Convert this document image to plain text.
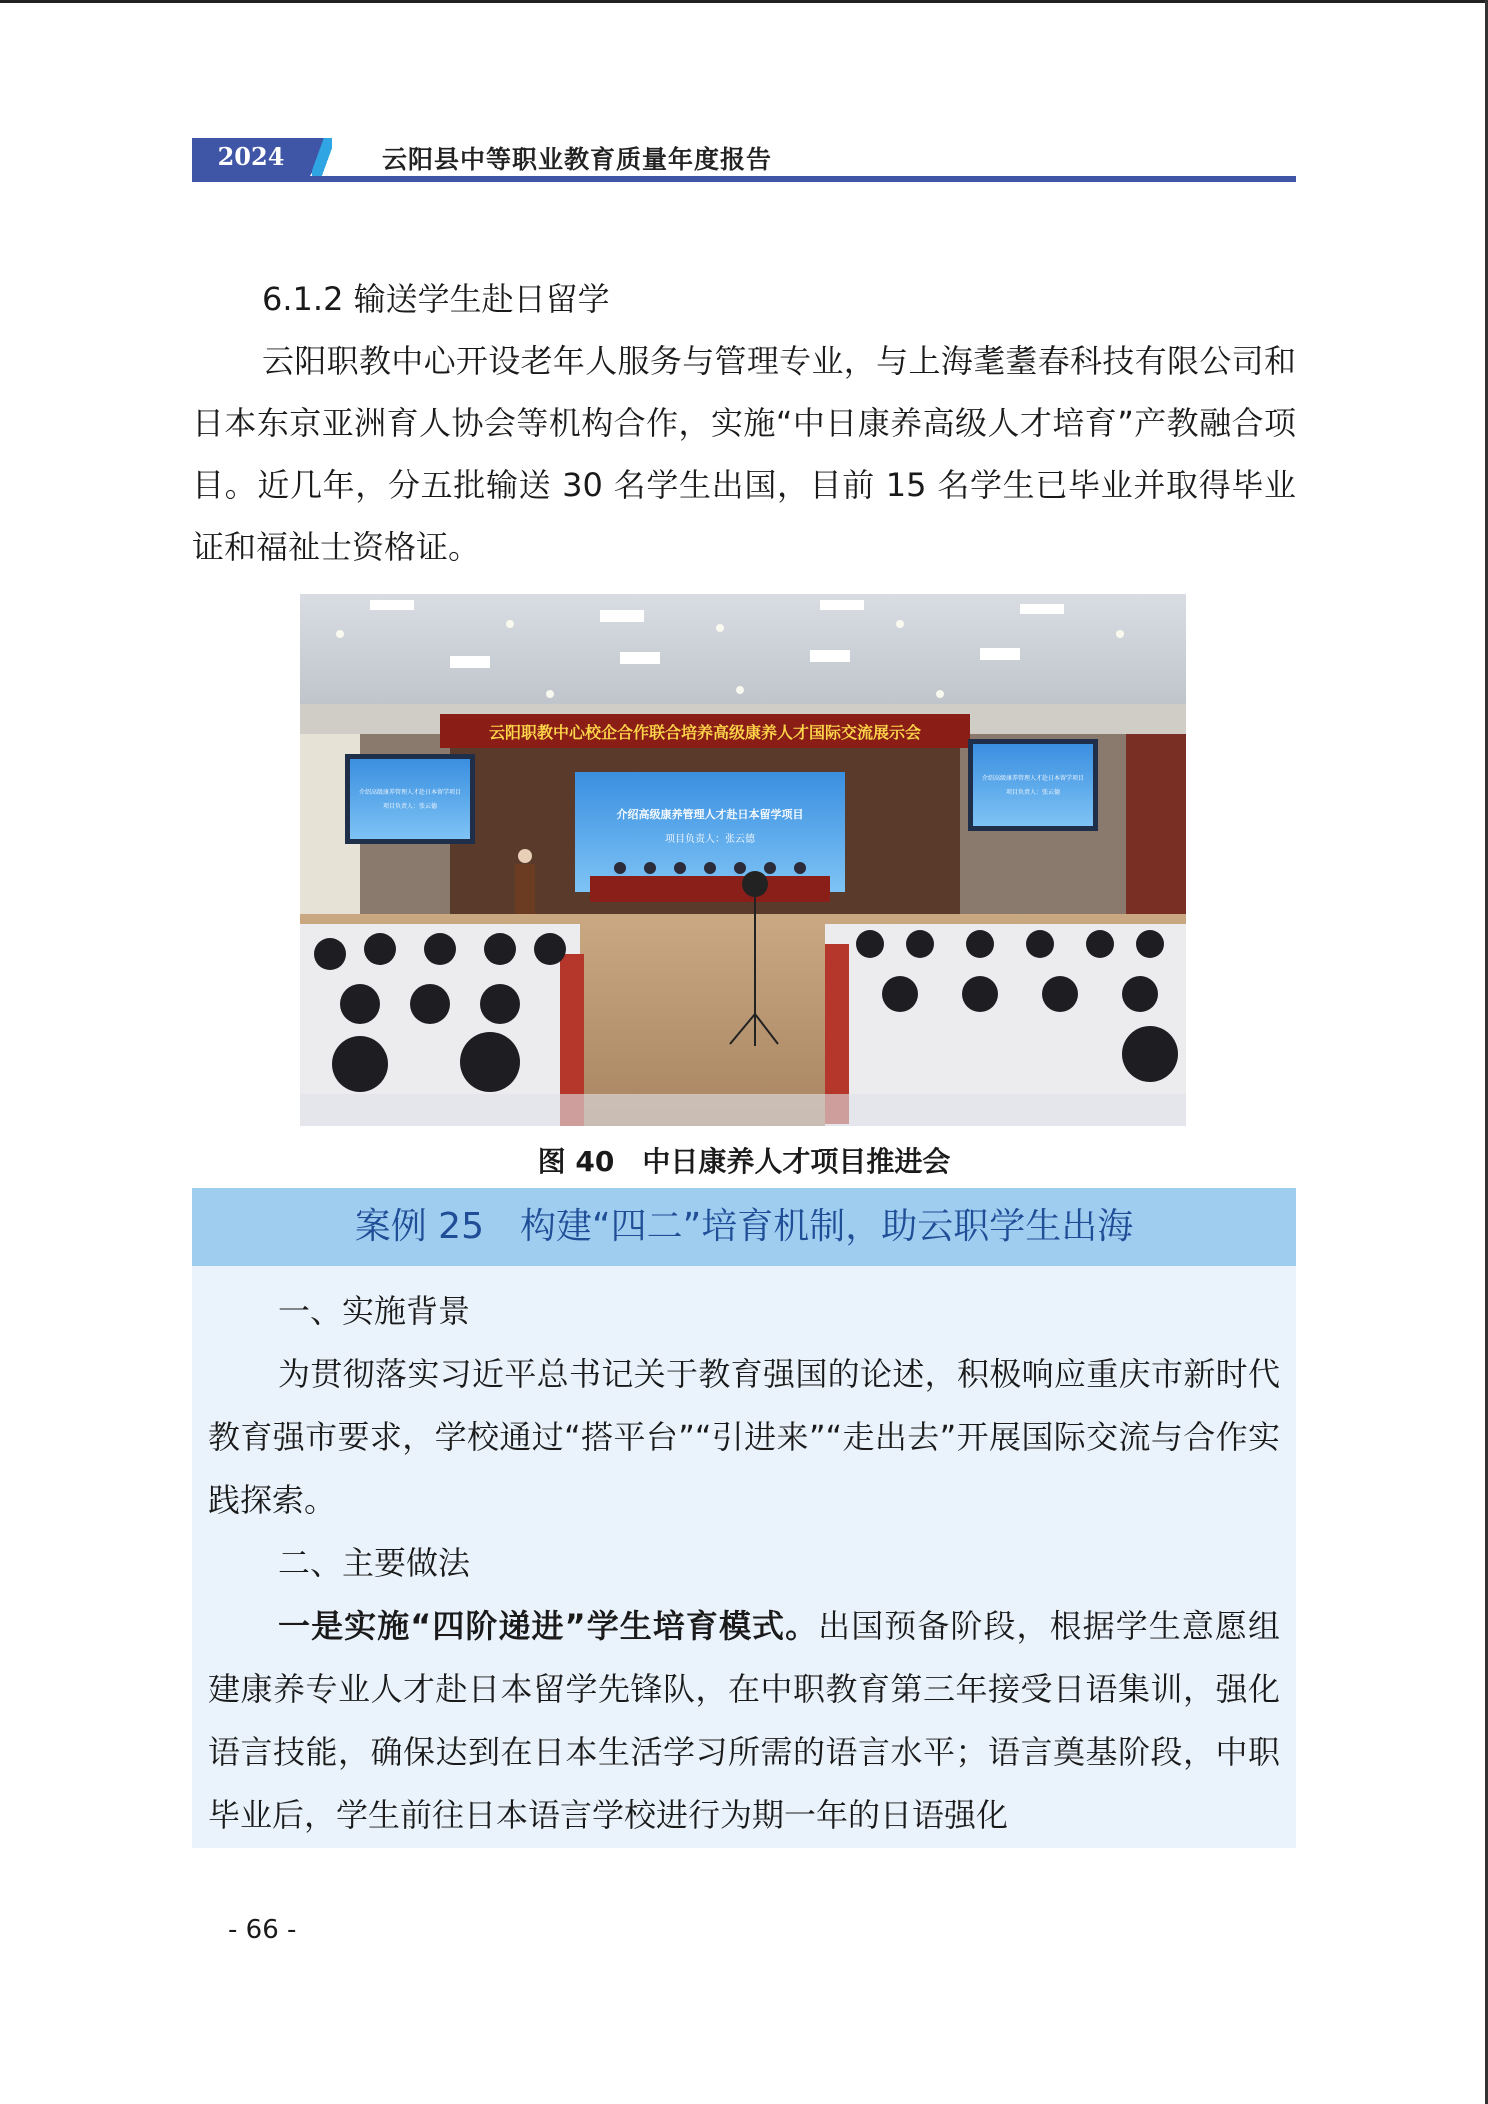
2024	云阳县中等职业教育质量年度报告
6.1.2 输送学生赴日留学
云阳职教中心开设老年人服务与管理专业，与上海耄耋春科技有限公司和日本东京亚洲育人协会等机构合作，实施“中日康养高级人才培育”产教融合项目。近几年，分五批输送 30 名学生出国，目前 15 名学生已毕业并取得毕业证和福祉士资格证。
云阳职教中心校企合作联合培养高级康养人才国际交流展示会
介绍高级康养管理人才赴日本留学项目
项目负责人：张云德
介绍高级康养管理人才赴日本留学项目
项目负责人：张云德
介绍高级康养管理人才赴日本留学项目
项目负责人：张云德
图 40　中日康养人才项目推进会
案例 25　构建“四二”培育机制，助云职学生出海

一、实施背景

为贯彻落实习近平总书记关于教育强国的论述，积极响应重庆市新时代教育强市要求，学校通过“搭平台”“引进来”“走出去”开展国际交流与合作实践探索。

二、主要做法

一是实施“四阶递进”学生培育模式。出国预备阶段，根据学生意愿组建康养专业人才赴日本留学先锋队，在中职教育第三年接受日语集训，强化语言技能，确保达到在日本生活学习所需的语言水平；语言奠基阶段，中职毕业后，学生前往日本语言学校进行为期一年的日语强化

- 66 -
